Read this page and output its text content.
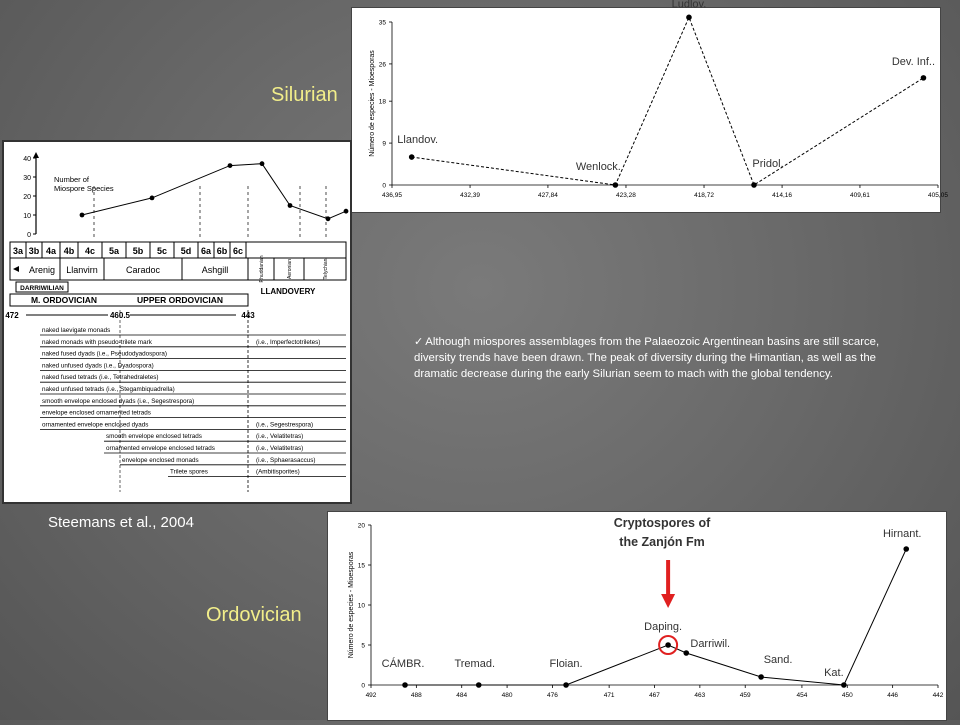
Silurian
Ordovician
Steemans et al., 2004
✓ Although miospores assemblages from the Palaeozoic Argentinean basins are still scarce, diversity trends have been drawn. The peak of diversity during the Himantian, as well as the dramatic decrease during the early Silurian seem to mach with the global tendency.
0
9
18
26
35
436,95	432,39	427,84	423,28	418,72	414,16	409,61	405,05
Número de especies - Mioesporas Llandov.
Wenlock.
Ludlov.
Pridol.
Dev. Inf..
0
5
10
15
20
492	488	484	480	476	471	467	463	459	454	450	446	442
Número de especies - Mioesporas
CÁMBR.	Tremad.	Floian.
Daping.
Darriwil.
Sand.
Kat.
Hirnant.
Cryptospores of
the Zanjón Fm
0
10
20
30
40
Number of
Miospore Species
3a 3b 4a 4b 4c 5a 5b 5c 5d 6a 6b 6c
Arenig Llanvirn	Caradoc	Ashgill	Rhuddanian	Aeronian	Telychian
DARRIWILIAN
M. ORDOVICIAN	UPPER ORDOVICIAN
LLANDOVERY
472	460.5	443
naked laevigate monads
naked monads with pseudo-trilete mark	(i.e., Imperfectotriletes)
naked fused dyads (i.e., Pseudodyadospora)
naked unfused dyads (i.e., Dyadospora)
naked fused tetrads (i.e., Tetrahedraletes)
naked unfused tetrads (i.e., Stegambiquadrella)
smooth envelope enclosed dyads (i.e., Segestrespora)
envelope enclosed ornamented tetrads
ornamented envelope enclosed dyads	(i.e., Segestrespora)
smooth envelope enclosed tetrads	(i.e., Velatitetras)
ornamented envelope enclosed tetrads	(i.e., Velatitetras)
envelope enclosed monads	(i.e., Sphaerasaccus)
Trilete spores	(Ambitisporites)
